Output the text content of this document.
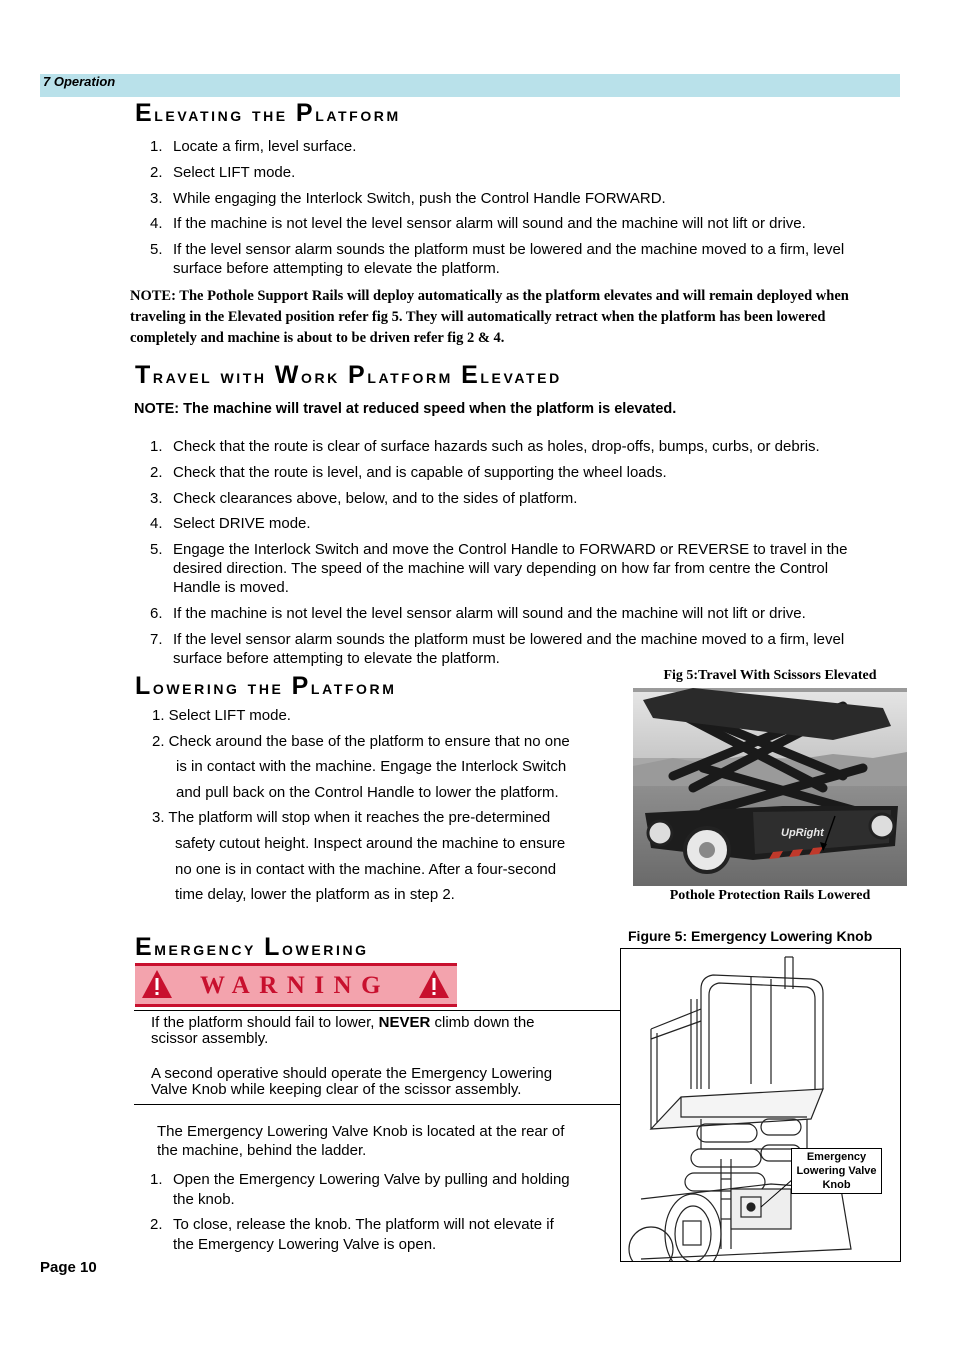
7 Operation
Elevating the Platform
1. Locate a firm, level surface.
2. Select LIFT mode.
3. While engaging the Interlock Switch, push the Control Handle FORWARD.
4. If the machine is not level the level sensor alarm will sound and the machine will not lift or drive.
5. If the level sensor alarm sounds the platform must be lowered and the machine moved to a firm, level
surface before attempting to elevate the platform.
NOTE: The Pothole Support Rails will deploy automatically as the platform elevates and will remain deployed when
traveling in the Elevated position refer fig 5. They will automatically retract when the platform has been lowered
completely and machine is about to be driven refer fig 2 & 4.
Travel with Work Platform Elevated
NOTE: The machine will travel at reduced speed when the platform is elevated.
1. Check that the route is clear of surface hazards such as holes, drop-offs, bumps, curbs, or debris.
2. Check that the route is level, and is capable of supporting the wheel loads.
3. Check clearances above, below, and to the sides of platform.
4. Select DRIVE mode.
5. Engage the Interlock Switch and move the Control Handle to FORWARD or REVERSE to travel in the
desired direction. The speed of the machine will vary depending on how far from centre the Control
Handle is moved.
6. If the machine is not level the level sensor alarm will sound and the machine will not lift or drive.
7. If the level sensor alarm sounds the platform must be lowered and the machine moved to a firm, level
surface before attempting to elevate the platform.
Lowering the Platform
1. Select LIFT mode.
2. Check around the base of the platform to ensure that no one
is in contact with the machine. Engage the Interlock Switch
and pull back on the Control Handle to lower the platform.
3. The platform will stop when it reaches the pre-determined
safety cutout height. Inspect around the machine to ensure
no one is in contact with the machine. After a four-second
time delay, lower the platform as in step 2.
Fig 5:Travel With Scissors Elevated
UpRight
Pothole Protection Rails Lowered
Emergency Lowering
WARNING
If the platform should fail to lower, NEVER climb down the
scissor assembly.
A second operative should operate the Emergency Lowering
Valve Knob while keeping clear of the scissor assembly.
The Emergency Lowering Valve Knob is located at the rear of
the machine, behind the ladder.
1. Open the Emergency Lowering Valve by pulling and holding
the knob.
2. To close, release the knob. The platform will not elevate if
the Emergency Lowering Valve is open.
Figure 5: Emergency Lowering Knob
Emergency
Lowering Valve
Knob
Page 10
